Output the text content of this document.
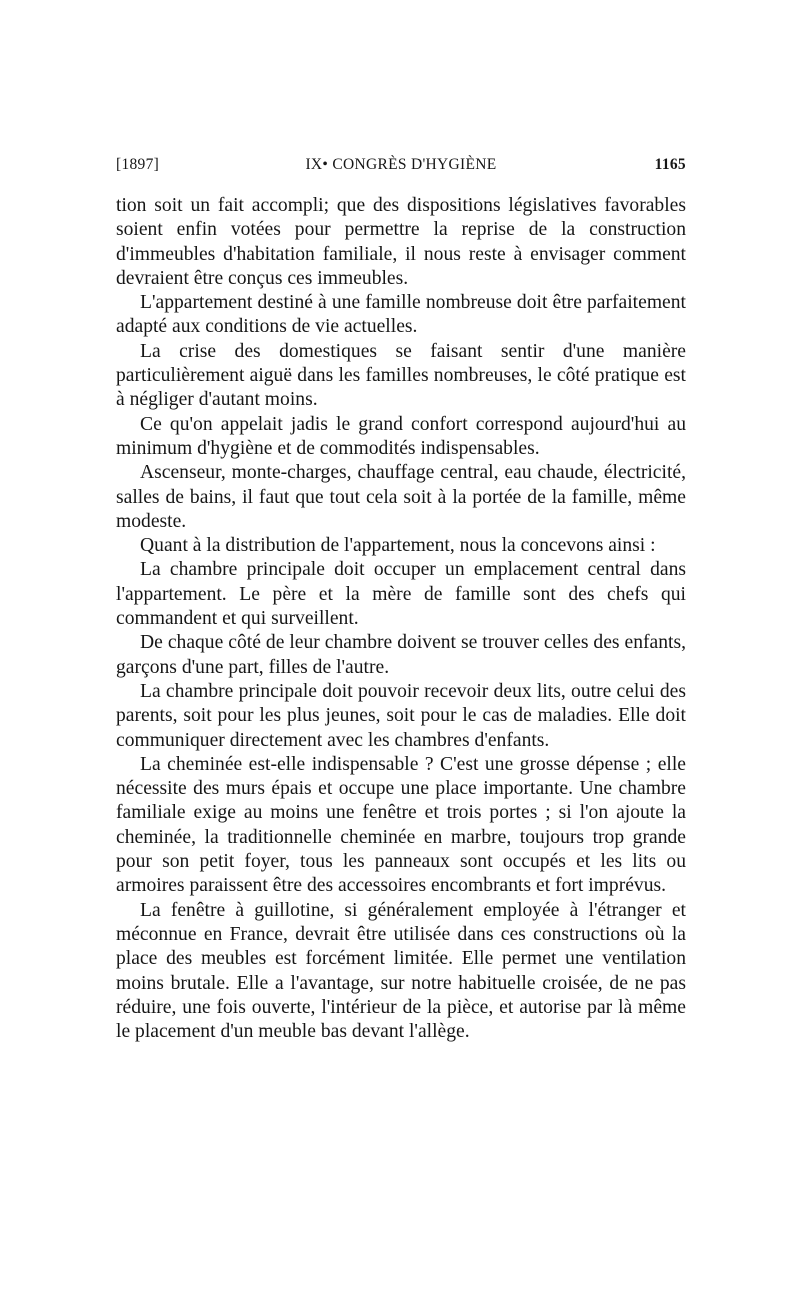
[1897]	IX• CONGRÈS D'HYGIÈNE	1165

tion soit un fait accompli; que des dispositions législatives favorables soient enfin votées pour permettre la reprise de la construction d'immeubles d'habitation familiale, il nous reste à envisager comment devraient être conçus ces immeubles.

L'appartement destiné à une famille nombreuse doit être parfaitement adapté aux conditions de vie actuelles.

La crise des domestiques se faisant sentir d'une manière particulièrement aiguë dans les familles nombreuses, le côté pratique est à négliger d'autant moins.

Ce qu'on appelait jadis le grand confort correspond aujourd'hui au minimum d'hygiène et de commodités indispensables.

Ascenseur, monte-charges, chauffage central, eau chaude, électricité, salles de bains, il faut que tout cela soit à la portée de la famille, même modeste.

Quant à la distribution de l'appartement, nous la concevons ainsi :

La chambre principale doit occuper un emplacement central dans l'appartement. Le père et la mère de famille sont des chefs qui commandent et qui surveillent.

De chaque côté de leur chambre doivent se trouver celles des enfants, garçons d'une part, filles de l'autre.

La chambre principale doit pouvoir recevoir deux lits, outre celui des parents, soit pour les plus jeunes, soit pour le cas de maladies. Elle doit communiquer directement avec les chambres d'enfants.

La cheminée est-elle indispensable ? C'est une grosse dépense ; elle nécessite des murs épais et occupe une place importante. Une chambre familiale exige au moins une fenêtre et trois portes ; si l'on ajoute la cheminée, la traditionnelle cheminée en marbre, toujours trop grande pour son petit foyer, tous les panneaux sont occupés et les lits ou armoires paraissent être des accessoires encombrants et fort imprévus.

La fenêtre à guillotine, si généralement employée à l'étranger et méconnue en France, devrait être utilisée dans ces constructions où la place des meubles est forcément limitée. Elle permet une ventilation moins brutale. Elle a l'avantage, sur notre habituelle croisée, de ne pas réduire, une fois ouverte, l'intérieur de la pièce, et autorise par là même le placement d'un meuble bas devant l'allège.
